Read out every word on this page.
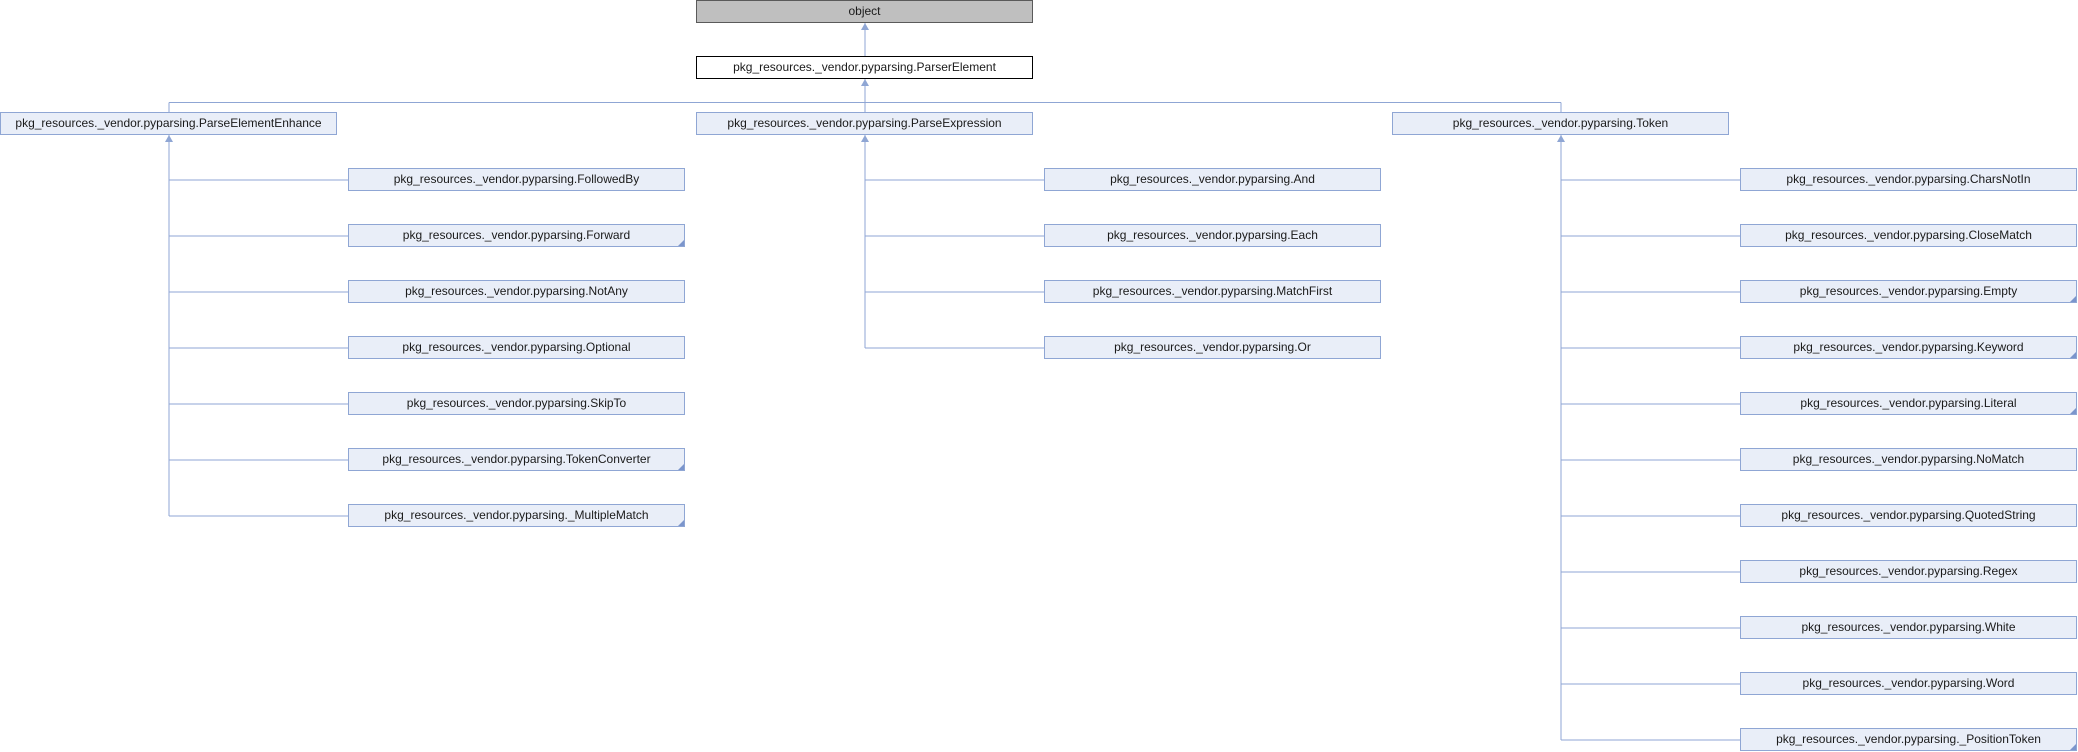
object
pkg_resources._vendor.pyparsing.ParserElement
pkg_resources._vendor.pyparsing.ParseElementEnhance	pkg_resources._vendor.pyparsing.ParseExpression	pkg_resources._vendor.pyparsing.Token
pkg_resources._vendor.pyparsing.FollowedBy
pkg_resources._vendor.pyparsing.Forward
pkg_resources._vendor.pyparsing.NotAny
pkg_resources._vendor.pyparsing.Optional
pkg_resources._vendor.pyparsing.SkipTo
pkg_resources._vendor.pyparsing.TokenConverter
pkg_resources._vendor.pyparsing._MultipleMatch
pkg_resources._vendor.pyparsing.And
pkg_resources._vendor.pyparsing.Each
pkg_resources._vendor.pyparsing.MatchFirst
pkg_resources._vendor.pyparsing.Or
pkg_resources._vendor.pyparsing.CharsNotIn
pkg_resources._vendor.pyparsing.CloseMatch
pkg_resources._vendor.pyparsing.Empty
pkg_resources._vendor.pyparsing.Keyword
pkg_resources._vendor.pyparsing.Literal
pkg_resources._vendor.pyparsing.NoMatch
pkg_resources._vendor.pyparsing.QuotedString
pkg_resources._vendor.pyparsing.Regex
pkg_resources._vendor.pyparsing.White
pkg_resources._vendor.pyparsing.Word
pkg_resources._vendor.pyparsing._PositionToken
